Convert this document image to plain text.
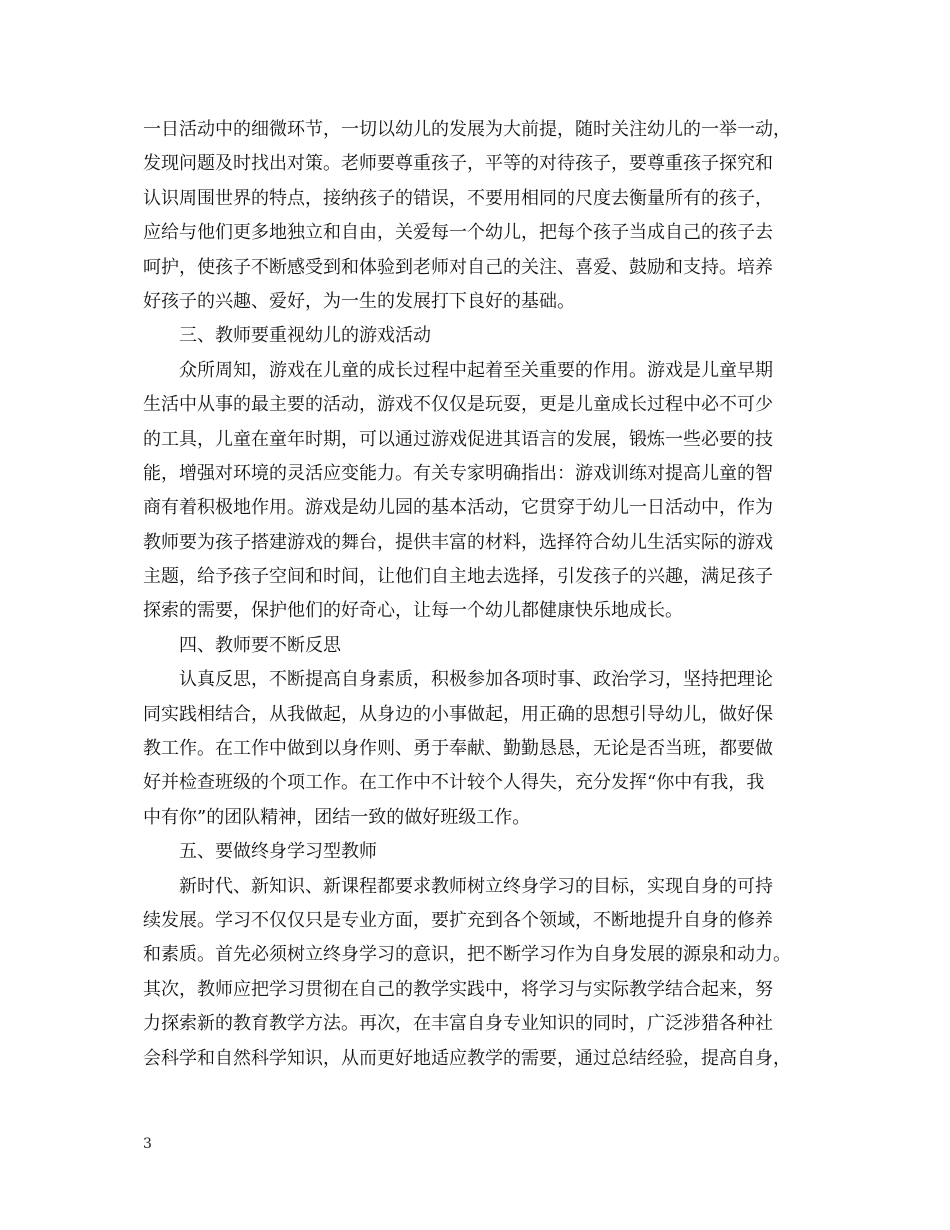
一日活动中的细微环节，一切以幼儿的发展为大前提，随时关注幼儿的一举一动，
发现问题及时找出对策。老师要尊重孩子，平等的对待孩子，要尊重孩子探究和
认识周围世界的特点，接纳孩子的错误，不要用相同的尺度去衡量所有的孩子，
应给与他们更多地独立和自由，关爱每一个幼儿，把每个孩子当成自己的孩子去
呵护，使孩子不断感受到和体验到老师对自己的关注、喜爱、鼓励和支持。培养
好孩子的兴趣、爱好，为一生的发展打下良好的基础。
三、教师要重视幼儿的游戏活动
众所周知，游戏在儿童的成长过程中起着至关重要的作用。游戏是儿童早期
生活中从事的最主要的活动，游戏不仅仅是玩耍，更是儿童成长过程中必不可少
的工具，儿童在童年时期，可以通过游戏促进其语言的发展，锻炼一些必要的技
能，增强对环境的灵活应变能力。有关专家明确指出：游戏训练对提高儿童的智
商有着积极地作用。游戏是幼儿园的基本活动，它贯穿于幼儿一日活动中，作为
教师要为孩子搭建游戏的舞台，提供丰富的材料，选择符合幼儿生活实际的游戏
主题，给予孩子空间和时间，让他们自主地去选择，引发孩子的兴趣，满足孩子
探索的需要，保护他们的好奇心，让每一个幼儿都健康快乐地成长。
四、教师要不断反思
认真反思，不断提高自身素质，积极参加各项时事、政治学习，坚持把理论
同实践相结合，从我做起，从身边的小事做起，用正确的思想引导幼儿，做好保
教工作。在工作中做到以身作则、勇于奉献、勤勤恳恳，无论是否当班，都要做
好并检查班级的个项工作。在工作中不计较个人得失，充分发挥“你中有我，我
中有你”的团队精神，团结一致的做好班级工作。
五、要做终身学习型教师
新时代、新知识、新课程都要求教师树立终身学习的目标，实现自身的可持
续发展。学习不仅仅只是专业方面，要扩充到各个领域，不断地提升自身的修养
和素质。首先必须树立终身学习的意识，把不断学习作为自身发展的源泉和动力。
其次，教师应把学习贯彻在自己的教学实践中，将学习与实际教学结合起来，努
力探索新的教育教学方法。再次，在丰富自身专业知识的同时，广泛涉猎各种社
会科学和自然科学知识，从而更好地适应教学的需要，通过总结经验，提高自身，
3
